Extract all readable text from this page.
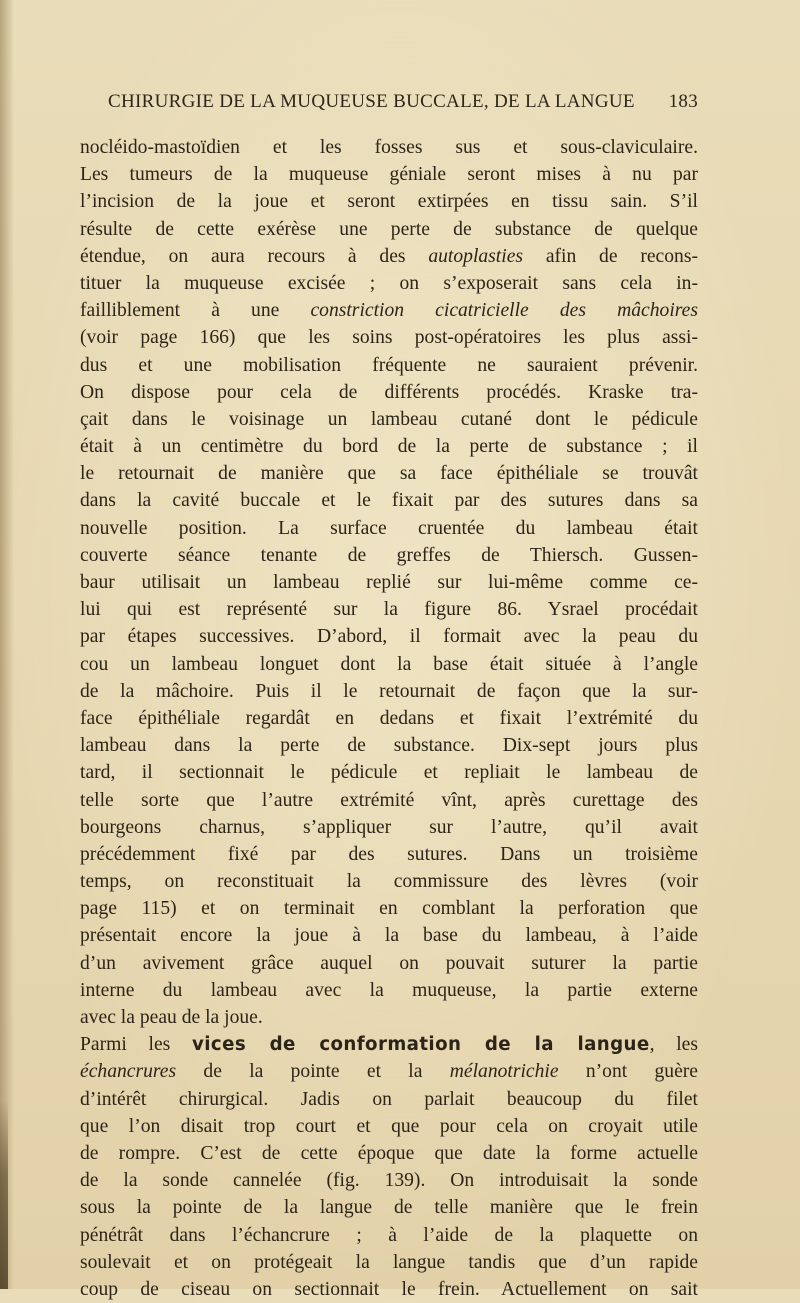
CHIRURGIE DE LA MUQUEUSE BUCCALE, DE LA LANGUE 183
nocléido-mastoïdien et les fosses sus et sous-claviculaire.
Les tumeurs de la muqueuse géniale seront mises à nu par
l’incision de la joue et seront extirpées en tissu sain. S’il
résulte de cette exérèse une perte de substance de quelque
étendue, on aura recours à des autoplasties afin de recons-
tituer la muqueuse excisée ; on s’exposerait sans cela in-
failliblement à une constriction cicatricielle des mâchoires
(voir page 166) que les soins post-opératoires les plus assi-
dus et une mobilisation fréquente ne sauraient prévenir.
On dispose pour cela de différents procédés. Kraske tra-
çait dans le voisinage un lambeau cutané dont le pédicule
était à un centimètre du bord de la perte de substance ; il
le retournait de manière que sa face épithéliale se trouvât
dans la cavité buccale et le fixait par des sutures dans sa
nouvelle position. La surface cruentée du lambeau était
couverte séance tenante de greffes de Thiersch. Gussen-
baur utilisait un lambeau replié sur lui-même comme ce-
lui qui est représenté sur la figure 86. Ysrael procédait
par étapes successives. D’abord, il formait avec la peau du
cou un lambeau longuet dont la base était située à l’angle
de la mâchoire. Puis il le retournait de façon que la sur-
face épithéliale regardât en dedans et fixait l’extrémité du
lambeau dans la perte de substance. Dix-sept jours plus
tard, il sectionnait le pédicule et repliait le lambeau de
telle sorte que l’autre extrémité vînt, après curettage des
bourgeons charnus, s’appliquer sur l’autre, qu’il avait
précédemment fixé par des sutures. Dans un troisième
temps, on reconstituait la commissure des lèvres (voir
page 115) et on terminait en comblant la perforation que
présentait encore la joue à la base du lambeau, à l’aide
d’un avivement grâce auquel on pouvait suturer la partie
interne du lambeau avec la muqueuse, la partie externe
avec la peau de la joue.
Parmi les vices de conformation de la langue, les
échancrures de la pointe et la mélanotrichie n’ont guère
d’intérêt chirurgical. Jadis on parlait beaucoup du filet
que l’on disait trop court et que pour cela on croyait utile
de rompre. C’est de cette époque que date la forme actuelle
de la sonde cannelée (fig. 139). On introduisait la sonde
sous la pointe de la langue de telle manière que le frein
pénétrât dans l’échancrure ; à l’aide de la plaquette on
soulevait et on protégeait la langue tandis que d’un rapide
coup de ciseau on sectionnait le frein. Actuellement on sait
